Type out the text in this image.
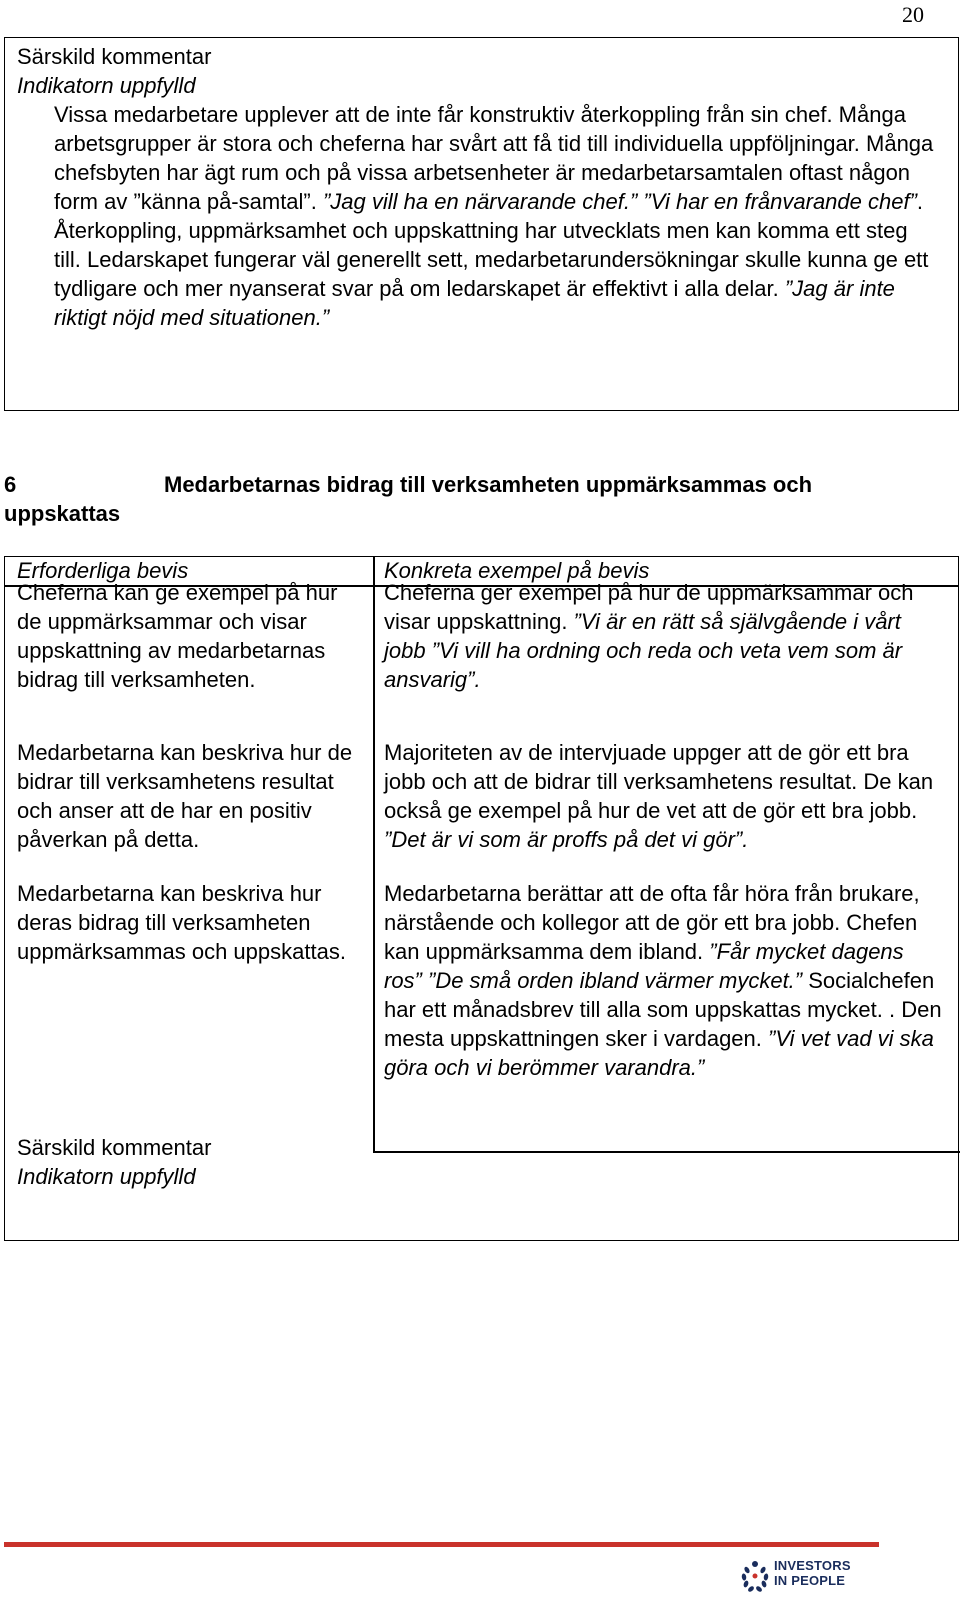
20
Särskild kommentar
Indikatorn uppfylld
Vissa medarbetare upplever att de inte får konstruktiv återkoppling från sin chef. Många arbetsgrupper är stora och cheferna har svårt att få tid till individuella uppföljningar. Många chefsbyten har ägt rum och på vissa arbetsenheter är medarbetarsamtalen oftast någon form av ”känna på-samtal”. ”Jag vill ha en närvarande chef.” ”Vi har en frånvarande chef”. Återkoppling, uppmärksamhet och uppskattning har utvecklats men kan komma ett steg till. Ledarskapet fungerar väl generellt sett, medarbetarundersökningar skulle kunna ge ett tydligare och mer nyanserat svar på om ledarskapet är effektivt i alla delar. ”Jag är inte riktigt nöjd med situationen.”
6	Medarbetarnas bidrag till verksamheten uppmärksammas och uppskattas
Erforderliga bevis	Konkreta exempel på bevis
Cheferna kan ge exempel på hur de uppmärksammar och visar uppskattning av medarbetarnas bidrag till verksamheten.
Medarbetarna kan beskriva hur de bidrar till verksamhetens resultat och anser att de har en positiv påverkan på detta.
Medarbetarna kan beskriva hur deras bidrag till verksamheten uppmärksammas och uppskattas.
Cheferna ger exempel på hur de uppmärksammar och visar uppskattning. ”Vi är en rätt så självgående i vårt jobb ”Vi vill ha ordning och reda och veta vem som är ansvarig”.
Majoriteten av de intervjuade uppger att de gör ett bra jobb och att de bidrar till verksamhetens resultat. De kan också ge exempel på hur de vet att de gör ett bra jobb.
”Det är vi som är proffs på det vi gör”.
Medarbetarna berättar att de ofta får höra från brukare, närstående och kollegor att de gör ett bra jobb. Chefen kan uppmärksamma dem ibland. ”Får mycket dagens ros” ”De små orden ibland värmer mycket.” Socialchefen har ett månadsbrev till alla som uppskattas mycket. . Den mesta uppskattningen sker i vardagen. ”Vi vet vad vi ska göra och vi berömmer varandra.”
Särskild kommentar
Indikatorn uppfylld
INVESTORS
IN PEOPLE
